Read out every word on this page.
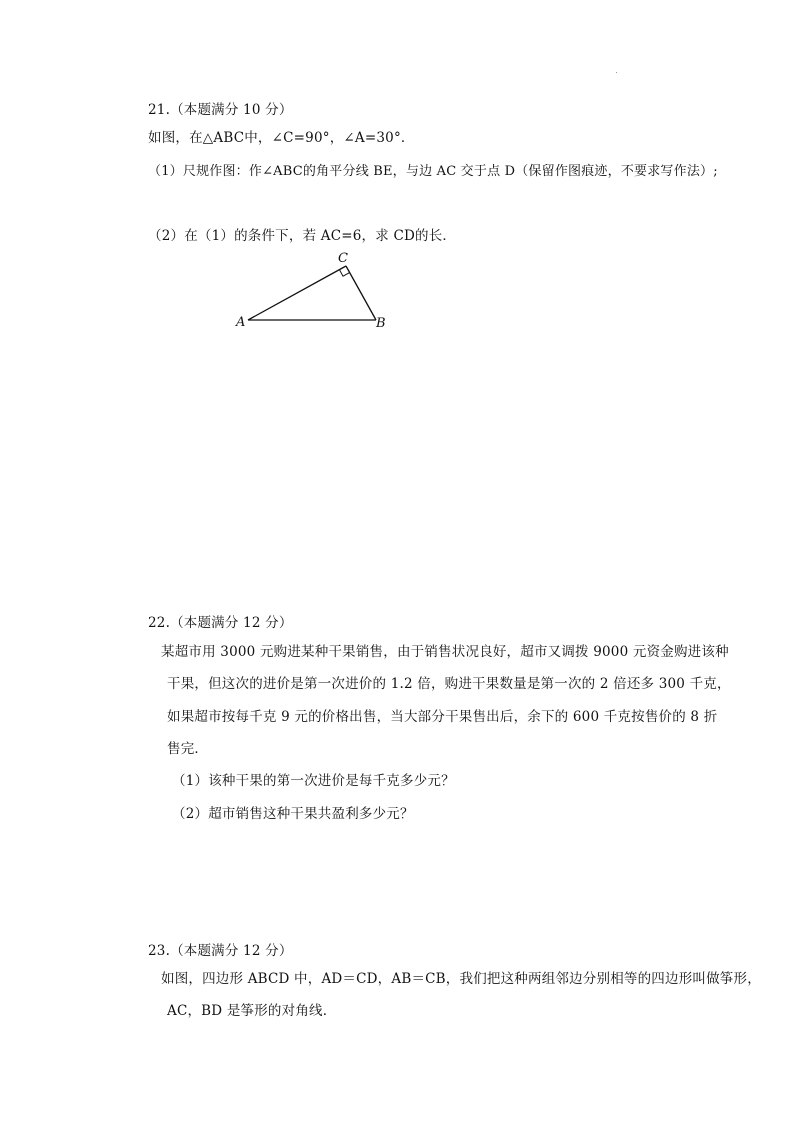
21.（本题满分 10 分）
如图，在△ABC中，∠C=90°，∠A=30°．
（1）尺规作图：作∠ABC的角平分线 BE，与边 AC 交于点 D（保留作图痕迹，不要求写作法）;
（2）在（1）的条件下，若 AC=6，求 CD的长．
A	B
C
22.（本题满分 12 分）
某超市用 3000 元购进某种干果销售，由于销售状况良好，超市又调拨 9000 元资金购进该种
干果，但这次的进价是第一次进价的 1.2 倍，购进干果数量是第一次的 2 倍还多 300 千克，
如果超市按每千克 9 元的价格出售，当大部分干果售出后，余下的 600 千克按售价的 8 折
售完．
（1）该种干果的第一次进价是每千克多少元？
（2）超市销售这种干果共盈利多少元？
23.（本题满分 12 分）
如图，四边形 ABCD 中，AD＝CD，AB＝CB，我们把这种两组邻边分别相等的四边形叫做筝形，
AC，BD 是筝形的对角线．
